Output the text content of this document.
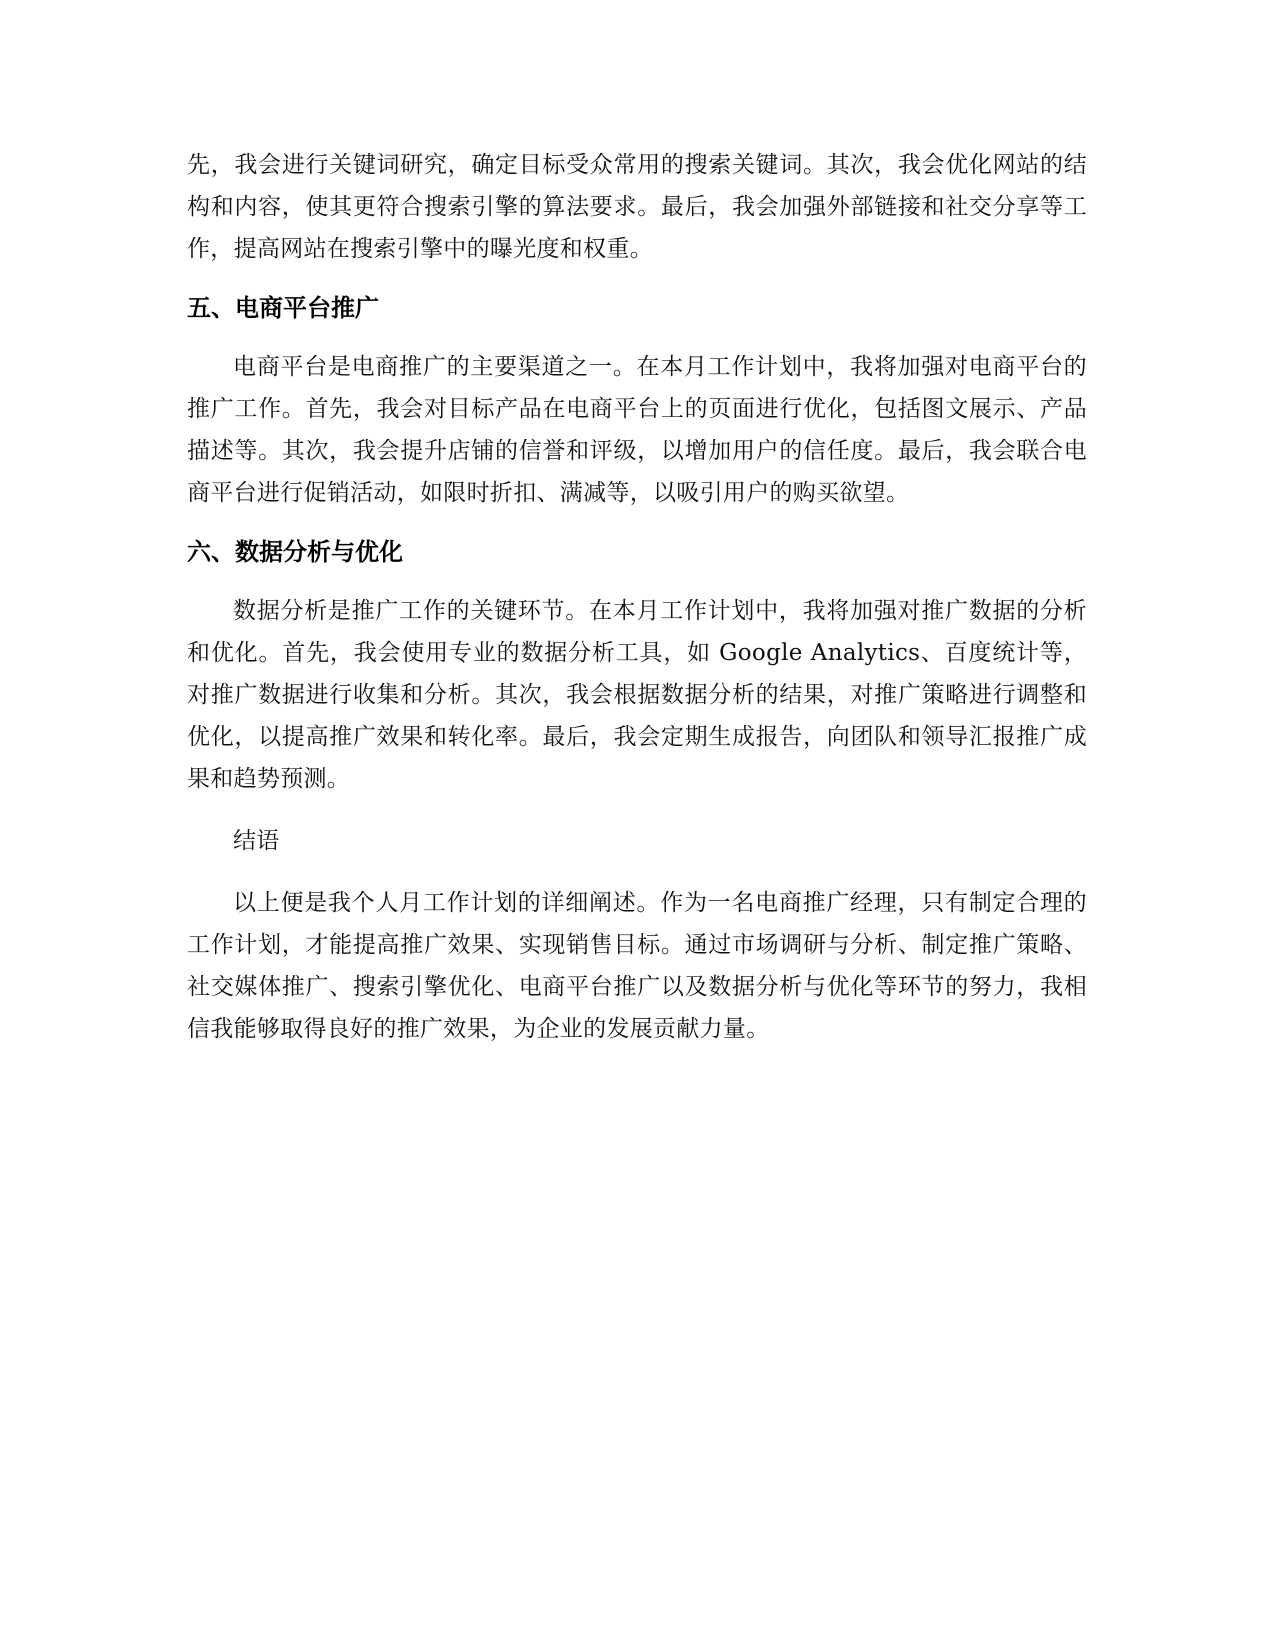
先，我会进行关键词研究，确定目标受众常用的搜索关键词。其次，我会优化网站的结构和内容，使其更符合搜索引擎的算法要求。最后，我会加强外部链接和社交分享等工作，提高网站在搜索引擎中的曝光度和权重。

五、电商平台推广

电商平台是电商推广的主要渠道之一。在本月工作计划中，我将加强对电商平台的推广工作。首先，我会对目标产品在电商平台上的页面进行优化，包括图文展示、产品描述等。其次，我会提升店铺的信誉和评级，以增加用户的信任度。最后，我会联合电商平台进行促销活动，如限时折扣、满减等，以吸引用户的购买欲望。

六、数据分析与优化

数据分析是推广工作的关键环节。在本月工作计划中，我将加强对推广数据的分析和优化。首先，我会使用专业的数据分析工具，如 Google Analytics、百度统计等，对推广数据进行收集和分析。其次，我会根据数据分析的结果，对推广策略进行调整和优化，以提高推广效果和转化率。最后，我会定期生成报告，向团队和领导汇报推广成果和趋势预测。

结语

以上便是我个人月工作计划的详细阐述。作为一名电商推广经理，只有制定合理的工作计划，才能提高推广效果、实现销售目标。通过市场调研与分析、制定推广策略、社交媒体推广、搜索引擎优化、电商平台推广以及数据分析与优化等环节的努力，我相信我能够取得良好的推广效果，为企业的发展贡献力量。
